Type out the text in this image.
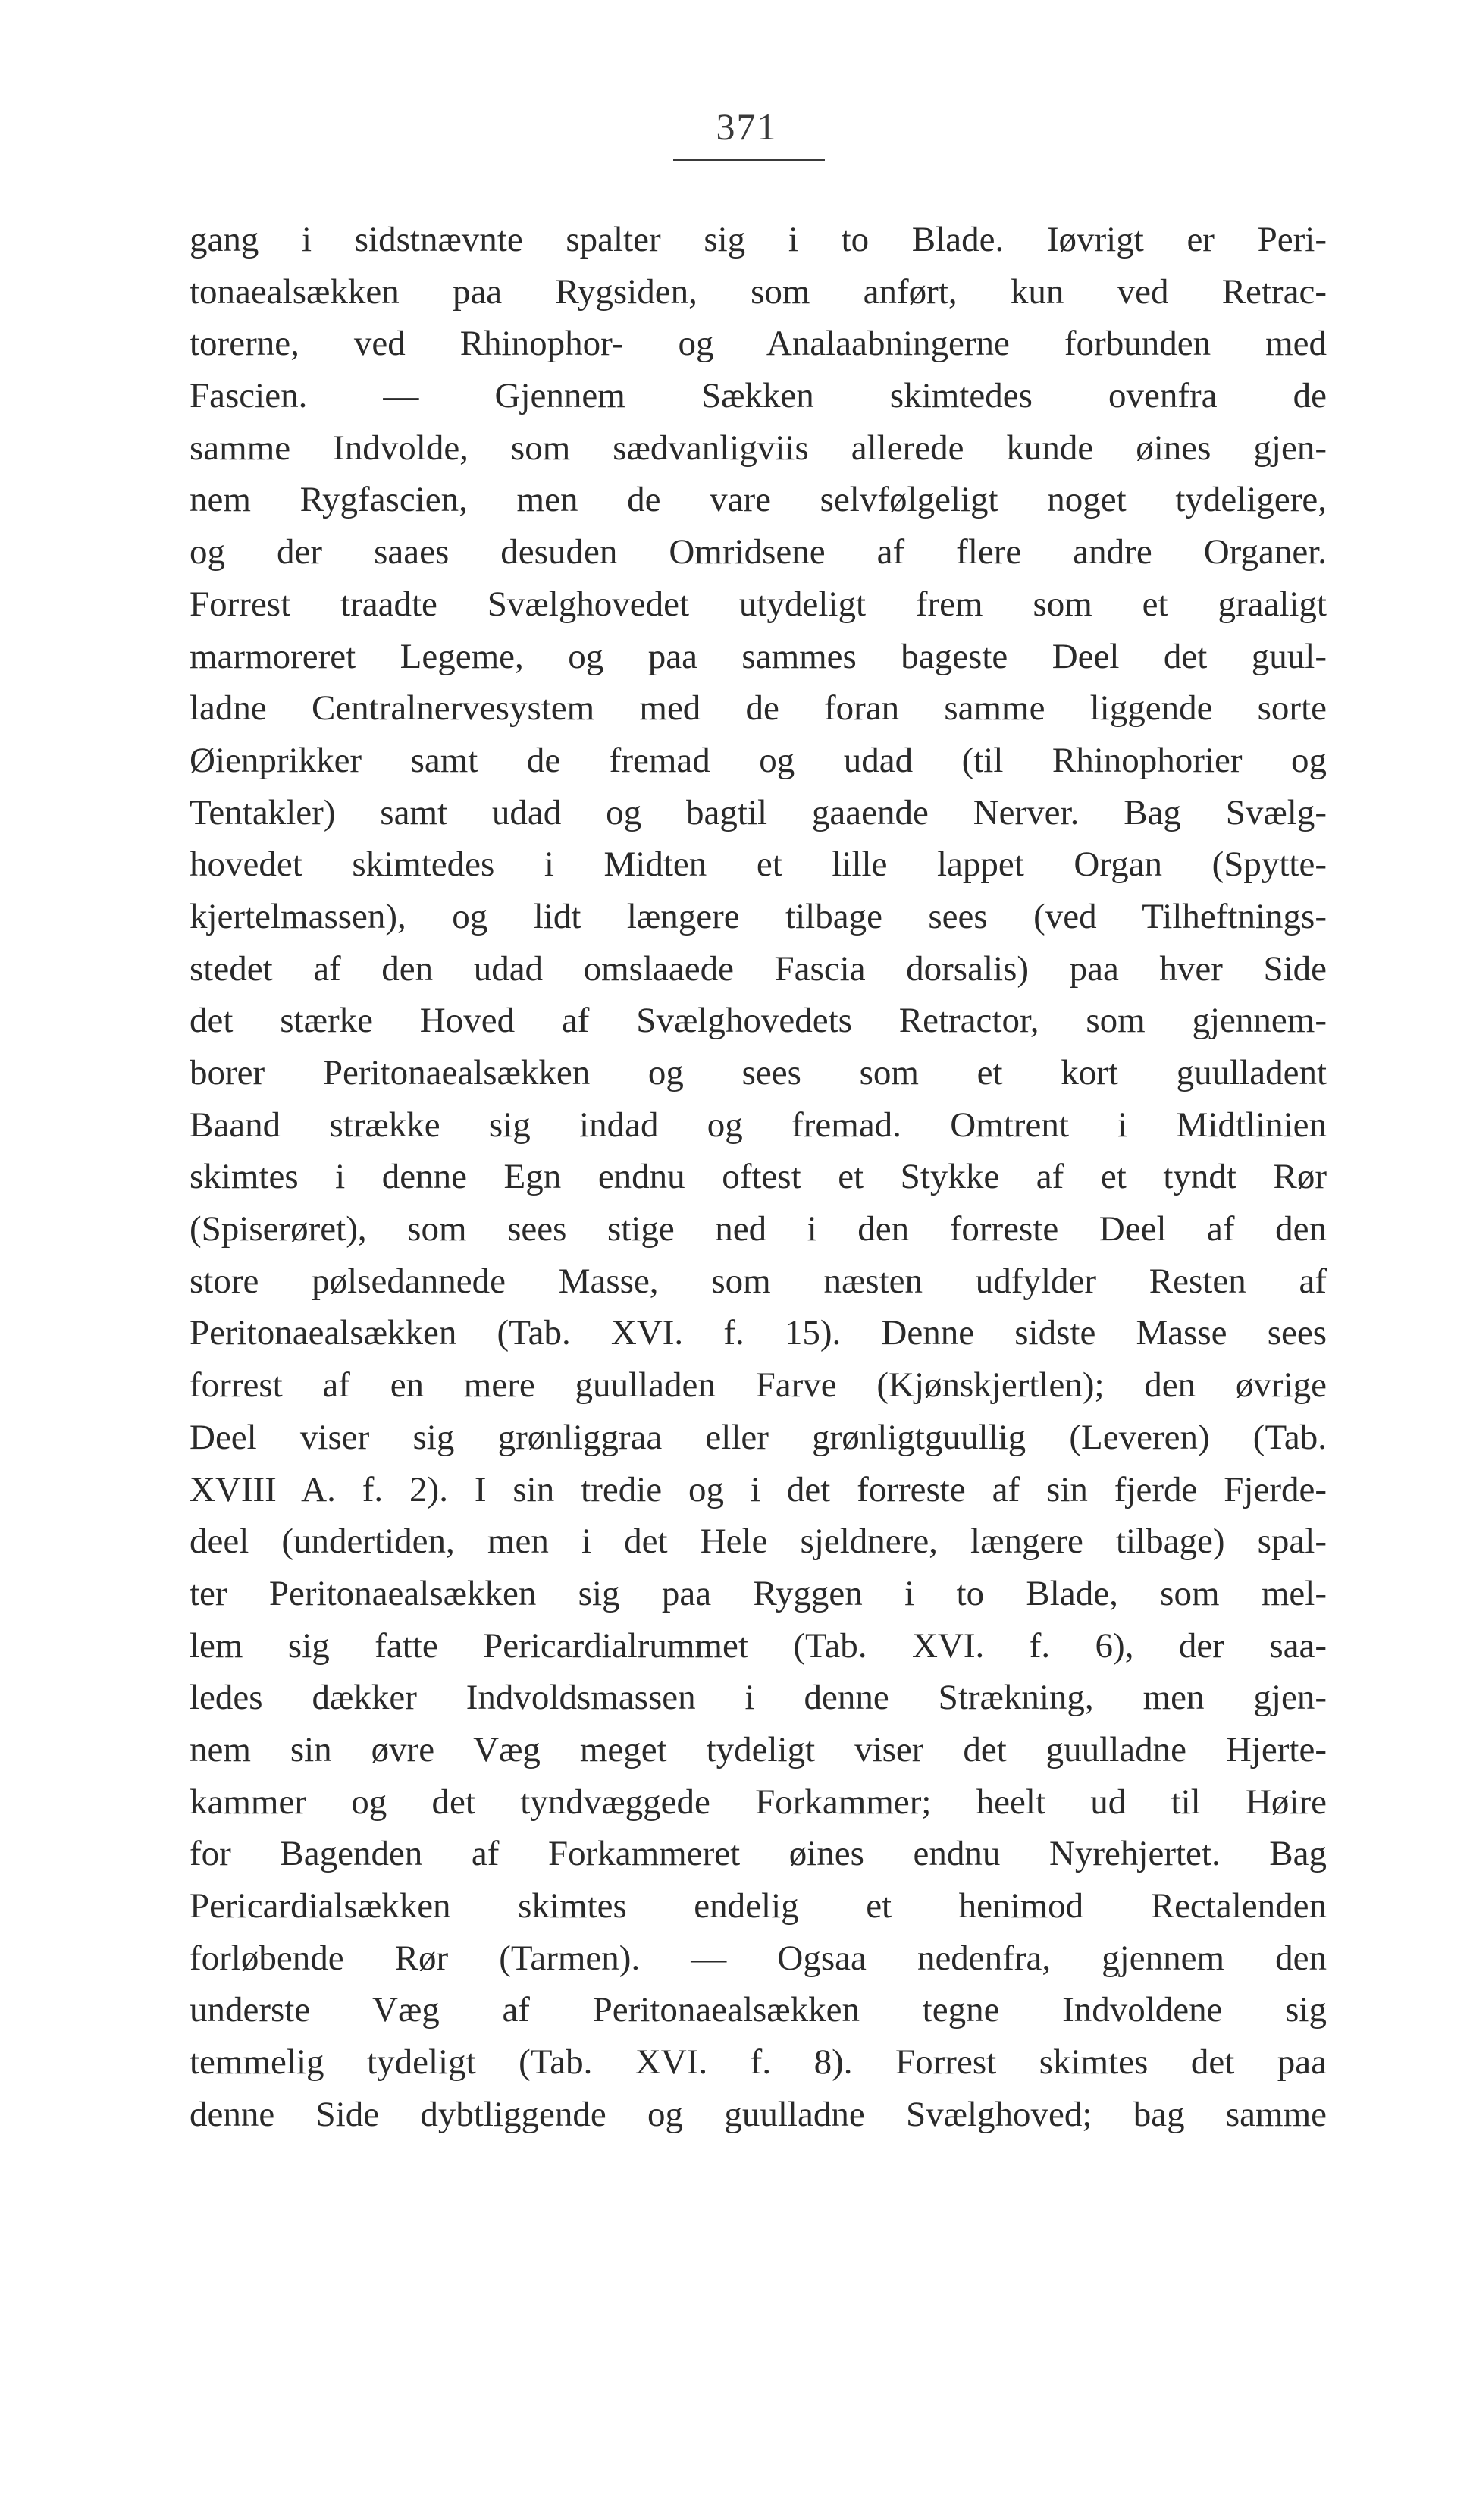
371
gang i sidstnævnte spalter sig i to Blade. Iøvrigt er Peri-
tonaealsækken paa Rygsiden, som anført, kun ved Retrac-
torerne, ved Rhinophor- og Analaabningerne forbunden med
Fascien. — Gjennem Sækken skimtedes ovenfra de
samme Indvolde, som sædvanligviis allerede kunde øines gjen-
nem Rygfascien, men de vare selvfølgeligt noget tydeligere,
og der saaes desuden Omridsene af flere andre Organer.
Forrest traadte Svælghovedet utydeligt frem som et graaligt
marmoreret Legeme, og paa sammes bageste Deel det guul-
ladne Centralnervesystem med de foran samme liggende sorte
Øienprikker samt de fremad og udad (til Rhinophorier og
Tentakler) samt udad og bagtil gaaende Nerver. Bag Svælg-
hovedet skimtedes i Midten et lille lappet Organ (Spytte-
kjertelmassen), og lidt længere tilbage sees (ved Tilheftnings-
stedet af den udad omslaaede Fascia dorsalis) paa hver Side
det stærke Hoved af Svælghovedets Retractor, som gjennem-
borer Peritonaealsækken og sees som et kort guulladent
Baand strække sig indad og fremad. Omtrent i Midtlinien
skimtes i denne Egn endnu oftest et Stykke af et tyndt Rør
(Spiserøret), som sees stige ned i den forreste Deel af den
store pølsedannede Masse, som næsten udfylder Resten af
Peritonaealsækken (Tab. XVI. f. 15). Denne sidste Masse sees
forrest af en mere guulladen Farve (Kjønskjertlen); den øvrige
Deel viser sig grønliggraa eller grønligtguullig (Leveren) (Tab.
XVIII A. f. 2). I sin tredie og i det forreste af sin fjerde Fjerde-
deel (undertiden, men i det Hele sjeldnere, længere tilbage) spal-
ter Peritonaealsækken sig paa Ryggen i to Blade, som mel-
lem sig fatte Pericardialrummet (Tab. XVI. f. 6), der saa-
ledes dækker Indvoldsmassen i denne Strækning, men gjen-
nem sin øvre Væg meget tydeligt viser det guulladne Hjerte-
kammer og det tyndvæggede Forkammer; heelt ud til Høire
for Bagenden af Forkammeret øines endnu Nyrehjertet. Bag
Pericardialsækken skimtes endelig et henimod Rectalenden
forløbende Rør (Tarmen). — Ogsaa nedenfra, gjennem den
underste Væg af Peritonaealsækken tegne Indvoldene sig
temmelig tydeligt (Tab. XVI. f. 8). Forrest skimtes det paa
denne Side dybtliggende og guulladne Svælghoved; bag samme
